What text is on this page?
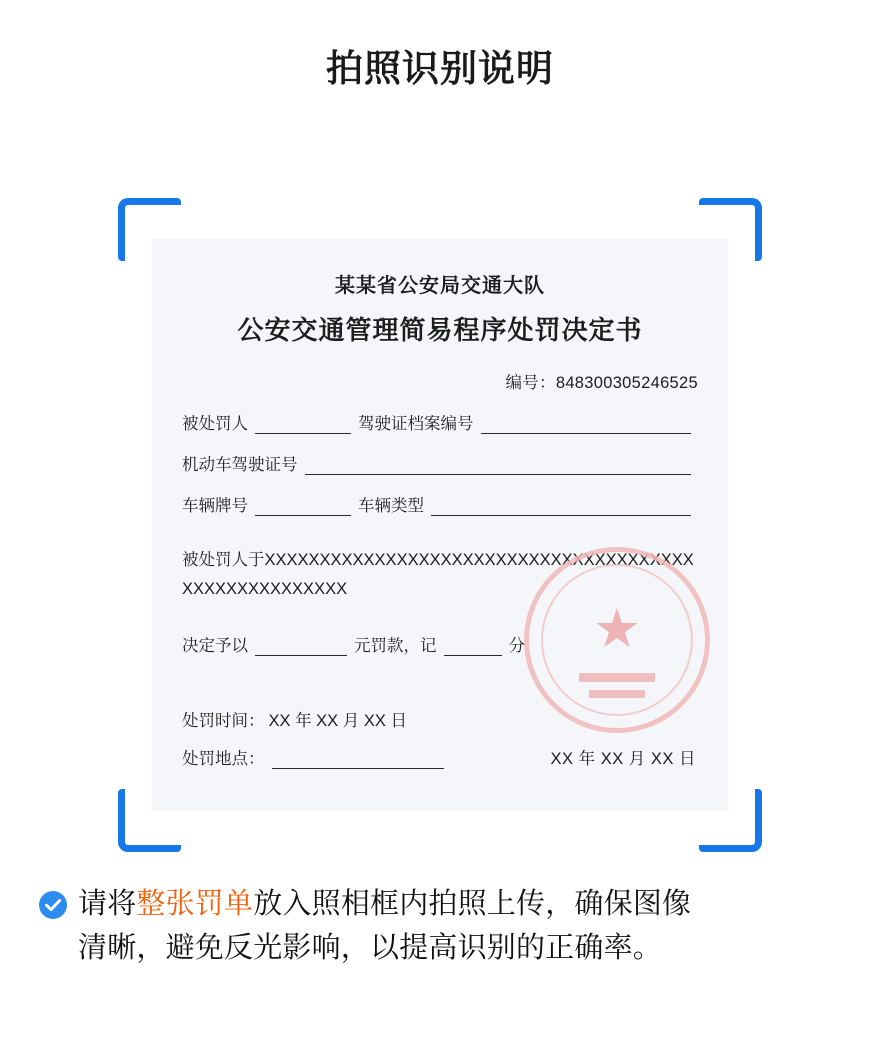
拍照识别说明
某某省公安局交通大队
公安交通管理简易程序处罚决定书
编号：848300305246525
被处罚人	驾驶证档案编号
机动车驾驶证号
车辆牌号	车辆类型
被处罚人于XXXXXXXXXXXXXXXXXXXXXXXXXXXXXXXXXXXXXXXXXXXXXXXXXXXXXX
决定予以	元罚款，记	分 ★
处罚时间： XX 年 XX 月 XX 日
处罚地点：	XX 年 XX 月 XX 日
请将整张罚单放入照相框内拍照上传，确保图像
清晰，避免反光影响，以提高识别的正确率。
